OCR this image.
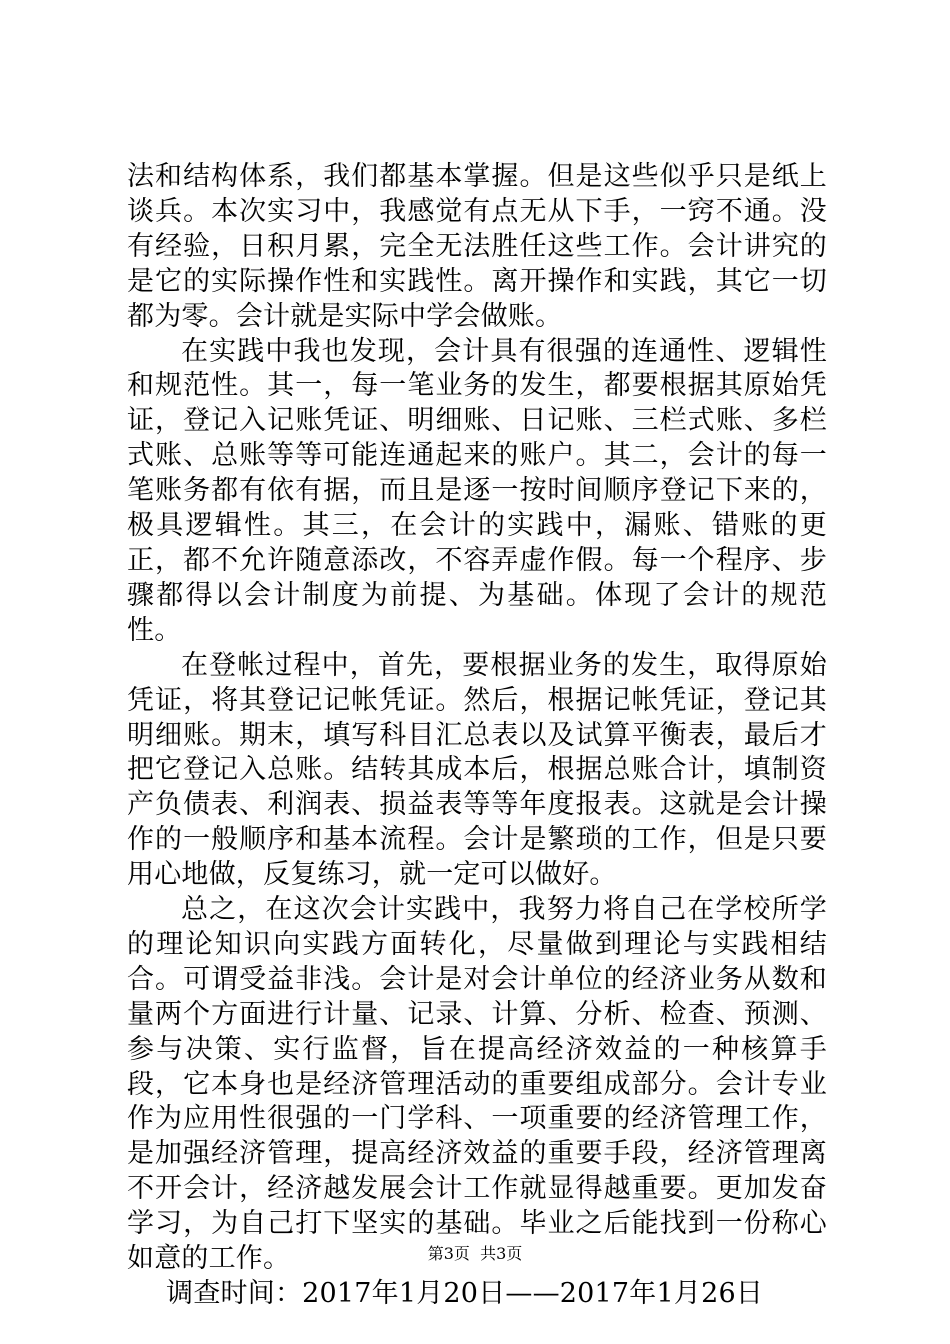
法和结构体系，我们都基本掌握。但是这些似乎只是纸上谈兵。本次实习中，我感觉有点无从下手，一窍不通。没有经验，日积月累，完全无法胜任这些工作。会计讲究的是它的实际操作性和实践性。离开操作和实践，其它一切都为零。会计就是实际中学会做账。

在实践中我也发现，会计具有很强的连通性、逻辑性和规范性。其一，每一笔业务的发生，都要根据其原始凭证，登记入记账凭证、明细账、日记账、三栏式账、多栏式账、总账等等可能连通起来的账户。其二，会计的每一笔账务都有依有据，而且是逐一按时间顺序登记下来的，极具逻辑性。其三，在会计的实践中，漏账、错账的更正，都不允许随意添改，不容弄虚作假。每一个程序、步骤都得以会计制度为前提、为基础。体现了会计的规范性。

在登帐过程中，首先，要根据业务的发生，取得原始凭证，将其登记记帐凭证。然后，根据记帐凭证，登记其明细账。期末，填写科目汇总表以及试算平衡表，最后才把它登记入总账。结转其成本后，根据总账合计，填制资产负债表、利润表、损益表等等年度报表。这就是会计操作的一般顺序和基本流程。会计是繁琐的工作，但是只要用心地做，反复练习，就一定可以做好。

总之，在这次会计实践中，我努力将自己在学校所学的理论知识向实践方面转化，尽量做到理论与实践相结合。可谓受益非浅。会计是对会计单位的经济业务从数和量两个方面进行计量、记录、计算、分析、检查、预测、参与决策、实行监督，旨在提高经济效益的一种核算手段，它本身也是经济管理活动的重要组成部分。会计专业作为应用性很强的一门学科、一项重要的经济管理工作，是加强经济管理，提高经济效益的重要手段，经济管理离不开会计，经济越发展会计工作就显得越重要。更加发奋学习，为自己打下坚实的基础。毕业之后能找到一份称心如意的工作。

调查时间：2017年1月20日——2017年1月26日

第3页  共3页
